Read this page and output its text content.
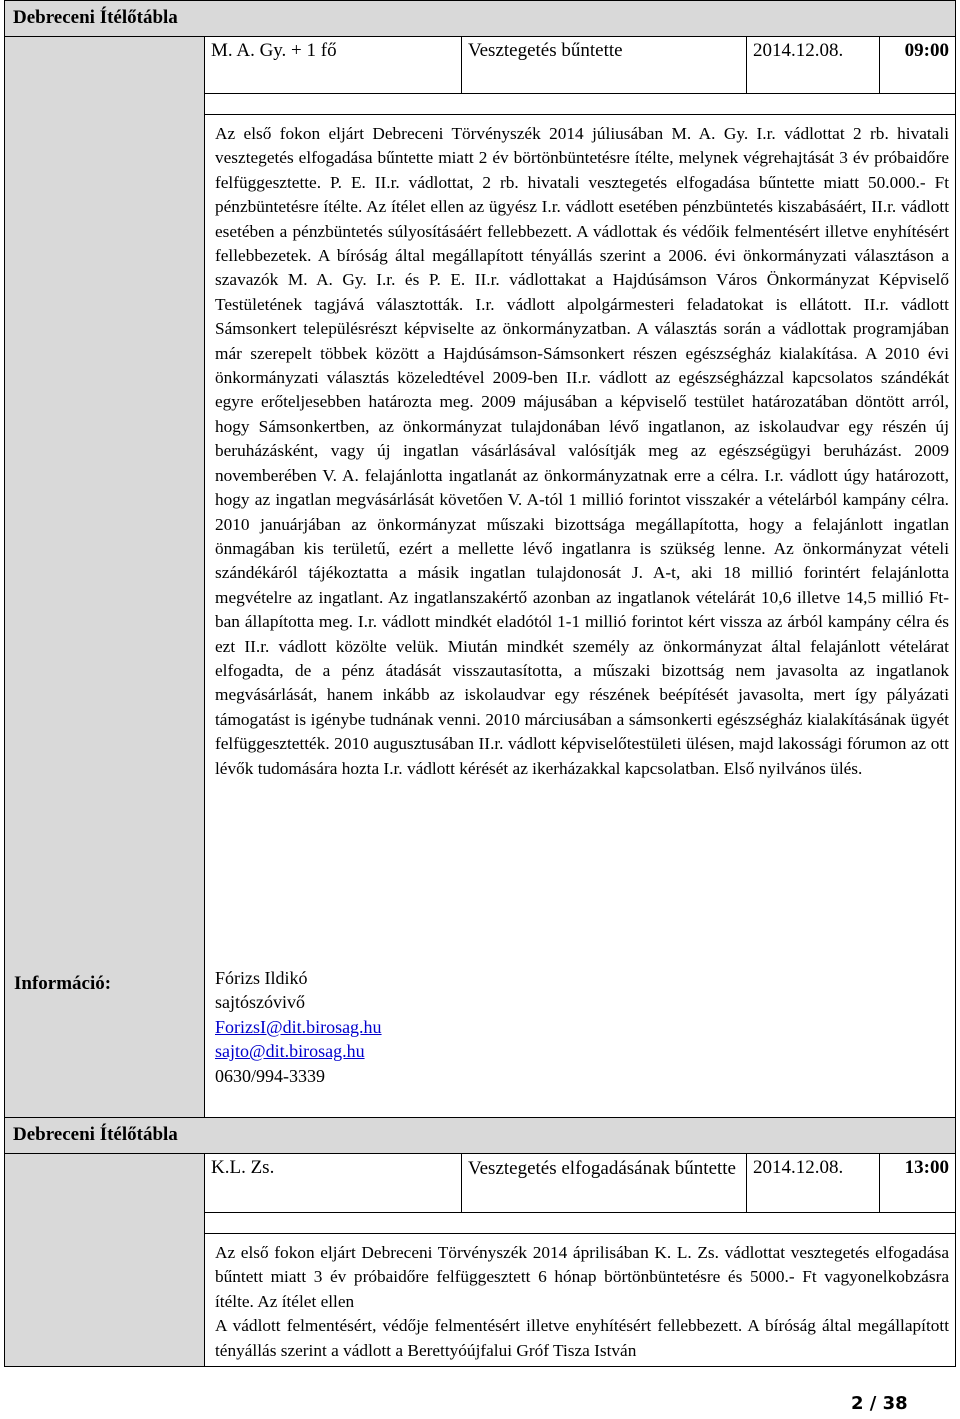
Debreceni Ítélőtábla
Információ:
M. A. Gy. + 1 fő	Vesztegetés bűntette	2014.12.08.	09:00
Az első fokon eljárt Debreceni Törvényszék 2014 júliusában M. A. Gy. I.r. vádlottat 2 rb. hivatali vesztegetés elfogadása bűntette miatt 2 év börtönbüntetésre ítélte, melynek végrehajtását 3 év próbaidőre felfüggesztette. P. E. II.r. vádlottat, 2 rb. hivatali vesztegetés elfogadása bűntette miatt 50.000.- Ft pénzbüntetésre ítélte. Az ítélet ellen az ügyész I.r. vádlott esetében pénzbüntetés kiszabásáért, II.r. vádlott esetében a pénzbüntetés súlyosításáért fellebbezett. A vádlottak és védőik felmentésért illetve enyhítésért fellebbezetek. A bíróság által megállapított tényállás szerint a 2006. évi önkormányzati választáson a szavazók M. A. Gy. I.r. és P. E. II.r. vádlottakat a Hajdúsámson Város Önkormányzat Képviselő Testületének tagjává választották. I.r. vádlott alpolgármesteri feladatokat is ellátott. II.r. vádlott Sámsonkert településrészt képviselte az önkormányzatban. A választás során a vádlottak programjában már szerepelt többek között a Hajdúsámson-Sámsonkert részen egészségház kialakítása. A 2010 évi önkormányzati választás közeledtével 2009-ben II.r. vádlott az egészségházzal kapcsolatos szándékát egyre erőteljesebben határozta meg. 2009 májusában a képviselő testület határozatában döntött arról, hogy Sámsonkertben, az önkormányzat tulajdonában lévő ingatlanon, az iskolaudvar egy részén új beruházásként, vagy új ingatlan vásárlásával valósítják meg az egészségügyi beruházást. 2009 novemberében V. A. felajánlotta ingatlanát az önkormányzatnak erre a célra. I.r. vádlott úgy határozott, hogy az ingatlan megvásárlását követően V. A-tól 1 millió forintot visszakér a vételárból kampány célra. 2010 januárjában az önkormányzat műszaki bizottsága megállapította, hogy a felajánlott ingatlan önmagában kis területű, ezért a mellette lévő ingatlanra is szükség lenne. Az önkormányzat vételi szándékáról tájékoztatta a másik ingatlan tulajdonosát J. A-t, aki 18 millió forintért felajánlotta megvételre az ingatlant. Az ingatlanszakértő azonban az ingatlanok vételárát 10,6 illetve 14,5 millió Ft-ban állapította meg. I.r. vádlott mindkét eladótól 1-1 millió forintot kért vissza az árból kampány célra és ezt II.r. vádlott közölte velük. Miután mindkét személy az önkormányzat által felajánlott vételárat elfogadta, de a pénz átadását visszautasította, a műszaki bizottság nem javasolta az ingatlanok megvásárlását, hanem inkább az iskolaudvar egy részének beépítését javasolta, mert így pályázati támogatást is igénybe tudnának venni. 2010 márciusában a sámsonkerti egészségház kialakításának ügyét felfüggesztették. 2010 augusztusában II.r. vádlott képviselőtestületi ülésen, majd lakossági fórumon az ott lévők tudomására hozta I.r. vádlott kérését az ikerházakkal kapcsolatban. Első nyilvános ülés.
Fórizs Ildikó
sajtószóvivő
ForizsI@dit.birosag.hu
sajto@dit.birosag.hu
0630/994-3339
Debreceni Ítélőtábla
K.L. Zs.	Vesztegetés elfogadásának bűntette 2014.12.08.	13:00

Az első fokon eljárt Debreceni Törvényszék 2014 áprilisában K. L. Zs. vádlottat vesztegetés elfogadása bűntett miatt 3 év próbaidőre felfüggesztett 6 hónap börtönbüntetésre és 5000.- Ft vagyonelkobzásra ítélte. Az ítélet ellen

A vádlott felmentésért, védője felmentésért illetve enyhítésért fellebbezett. A bíróság által megállapított tényállás szerint a vádlott a Berettyóújfalui Gróf Tisza István

2 / 38
